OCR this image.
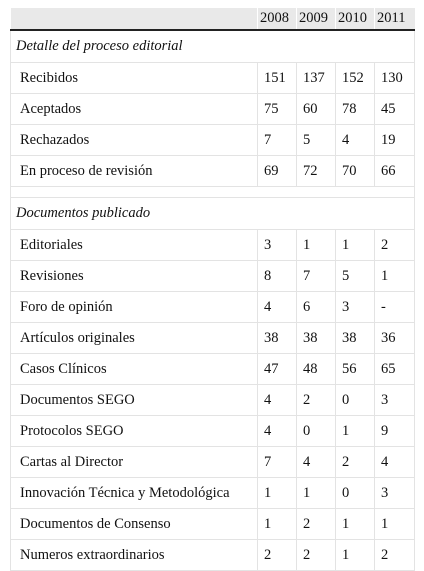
	2008	2009	2010	2011
Detalle del proceso editorial				
Recibidos	151	137	152	130
Aceptados	75	60	78	45
Rechazados	7	5	4	19
En proceso de revisión	69	72	70	66

Documentos publicado				
Editoriales	3	1	1	2
Revisiones	8	7	5	1
Foro de opinión	4	6	3	-
Artículos originales	38	38	38	36
Casos Clínicos	47	48	56	65
Documentos SEGO	4	2	0	3
Protocolos SEGO	4	0	1	9
Cartas al Director	7	4	2	4
Innovación Técnica y Metodológica	1	1	0	3
Documentos de Consenso	1	2	1	1
Numeros extraordinarios	2	2	1	2
